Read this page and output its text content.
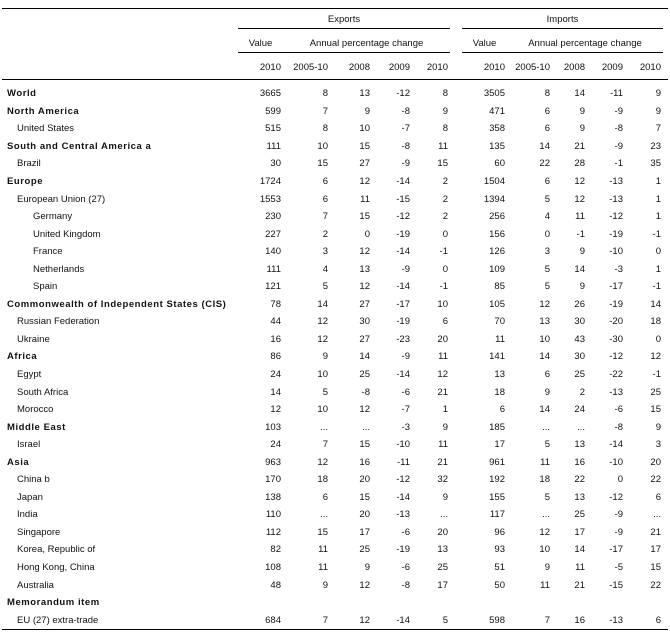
Exports	Imports
Value	Annual percentage change	Value	Annual percentage change
2010	2005-10	2008	2009	2010	2010	2005-10	2008	2009	2010
World	3665	8	13	-12	8	3505	8	14	-11	9
North America	599	7	9	-8	9	471	6	9	-9	9
United States	515	8	10	-7	8	358	6	9	-8	7
South and Central America a	111	10	15	-8	11	135	14	21	-9	23
Brazil	30	15	27	-9	15	60	22	28	-1	35
Europe	1724	6	12	-14	2	1504	6	12	-13	1
European Union (27)	1553	6	11	-15	2	1394	5	12	-13	1
Germany	230	7	15	-12	2	256	4	11	-12	1
United Kingdom	227	2	0	-19	0	156	0	-1	-19	-1
France	140	3	12	-14	-1	126	3	9	-10	0
Netherlands	111	4	13	-9	0	109	5	14	-3	1
Spain	121	5	12	-14	-1	85	5	9	-17	-1
Commonwealth of Independent States (CIS)	78	14	27	-17	10	105	12	26	-19	14
Russian Federation	44	12	30	-19	6	70	13	30	-20	18
Ukraine	16	12	27	-23	20	11	10	43	-30	0
Africa	86	9	14	-9	11	141	14	30	-12	12
Egypt	24	10	25	-14	12	13	6	25	-22	-1
South Africa	14	5	-8	-6	21	18	9	2	-13	25
Morocco	12	10	12	-7	1	6	14	24	-6	15
Middle East	103	...	...	-3	9	185	...	...	-8	9
Israel	24	7	15	-10	11	17	5	13	-14	3
Asia	963	12	16	-11	21	961	11	16	-10	20
China b	170	18	20	-12	32	192	18	22	0	22
Japan	138	6	15	-14	9	155	5	13	-12	6
India	110	...	20	-13	...	117	...	25	-9	...
Singapore	112	15	17	-6	20	96	12	17	-9	21
Korea, Republic of	82	11	25	-19	13	93	10	14	-17	17
Hong Kong, China	108	11	9	-6	25	51	9	11	-5	15
Australia	48	9	12	-8	17	50	11	21	-15	22
Memorandum item
EU (27) extra-trade	684	7	12	-14	5	598	7	16	-13	6
